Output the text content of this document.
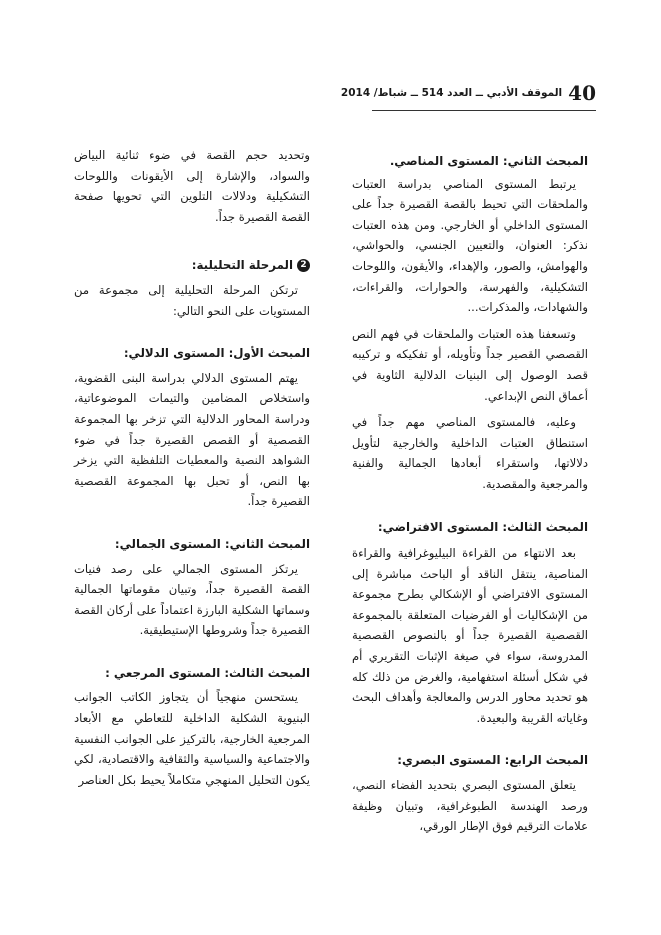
40
الموقف الأدبي ــ العدد 514 ــ شباط/ 2014
المبحث الثاني: المستوى المناصي.

يرتبط المستوى المناصي بدراسة العتبات والملحقات التي تحيط بالقصة القصيرة جداً على المستوى الداخلي أو الخارجي. ومن هذه العتبات نذكر: العنوان، والتعيين الجنسي، والحواشي، والهوامش، والصور، والإهداء، والأيقون، واللوحات التشكيلية، والفهرسة، والحوارات، والقراءات، والشهادات، والمذكرات...

وتسعفنا هذه العتبات والملحقات في فهم النص القصصي القصير جداً وتأويله، أو تفكيكه و تركيبه قصد الوصول إلى البنيات الدلالية الثاوية في أعماق النص الإبداعي.

وعليه، فالمستوى المناصي مهم جداً في استنطاق العتبات الداخلية والخارجية لتأويل دلالاتها، واستقراء أبعادها الجمالية والفنية والمرجعية والمقصدية.

المبحث الثالث: المستوى الافتراضي:

بعد الانتهاء من القراءة البيليوغرافية والقراءة المناصية، ينتقل الناقد أو الباحث مباشرة إلى المستوى الافتراضي أو الإشكالي بطرح مجموعة من الإشكاليات أو الفرضيات المتعلقة بالمجموعة القصصية القصيرة جداً أو بالنصوص القصصية المدروسة، سواء في صيغة الإثبات التقريري أم في شكل أسئلة استفهامية، والغرض من ذلك كله هو تحديد محاور الدرس والمعالجة وأهداف البحث وغاياته القريبة والبعيدة.

المبحث الرابع: المستوى البصري:

يتعلق المستوى البصري بتحديد الفضاء النصي، ورصد الهندسة الطبوغرافية، وتبيان وظيفة علامات الترقيم فوق الإطار الورقي،

وتحديد حجم القصة في ضوء ثنائية البياض والسواد، والإشارة إلى الأيقونات واللوحات التشكيلية ودلالات التلوين التي تحويها صفحة القصة القصيرة جداً.

2المرحلة التحليلية:

ترتكن المرحلة التحليلية إلى مجموعة من المستويات على النحو التالي:

المبحث الأول: المستوى الدلالي:

يهتم المستوى الدلالي بدراسة البنى القضوية، واستخلاص المضامين والتيمات الموضوعاتية، ودراسة المحاور الدلالية التي تزخر بها المجموعة القصصية أو القصص القصيرة جداً في ضوء الشواهد النصية والمعطيات التلفظية التي يزخر بها النص، أو تحبل بها المجموعة القصصية القصيرة جداً.

المبحث الثاني: المستوى الجمالي:

يرتكز المستوى الجمالي على رصد فنيات القصة القصيرة جداً، وتبيان مقوماتها الجمالية وسماتها الشكلية البارزة اعتماداً على أركان القصة القصيرة جداً وشروطها الإستيطيقية.

المبحث الثالث: المستوى المرجعي :

يستحسن منهجياً أن يتجاوز الكاتب الجوانب البنيوية الشكلية الداخلية للتعاطي مع الأبعاد المرجعية الخارجية، بالتركيز على الجوانب النفسية والاجتماعية والسياسية والثقافية والاقتصادية، لكي يكون التحليل المنهجي متكاملاً يحيط بكل العناصر
